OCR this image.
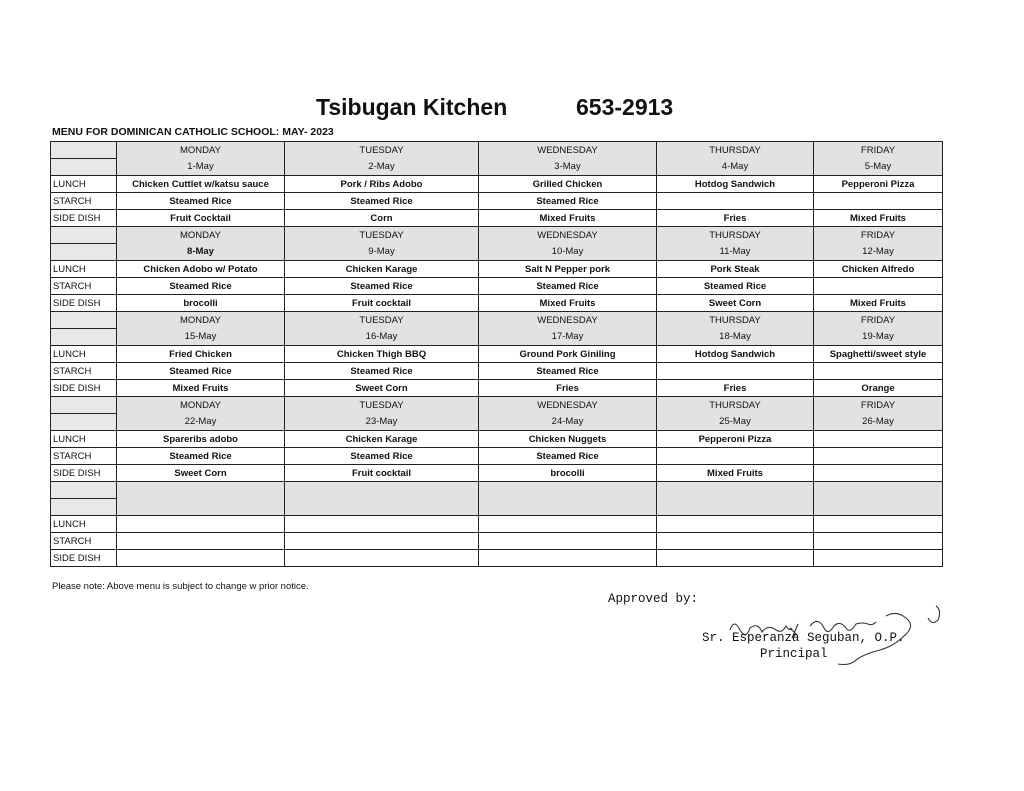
Tsibugan Kitchen	653-2913
MENU FOR DOMINICAN CATHOLIC SCHOOL: MAY- 2023
	MONDAY	TUESDAY	WEDNESDAY	THURSDAY	FRIDAY
	1-May	2-May	3-May	4-May	5-May
LUNCH	Chicken Cuttlet w/katsu sauce	Pork / Ribs Adobo	Grilled Chicken	Hotdog Sandwich	Pepperoni Pizza
STARCH	Steamed Rice	Steamed Rice	Steamed Rice		
SIDE DISH	Fruit Cocktail	Corn	Mixed Fruits	Fries	Mixed Fruits
	MONDAY	TUESDAY	WEDNESDAY	THURSDAY	FRIDAY
	8-May	9-May	10-May	11-May	12-May
LUNCH	Chicken Adobo w/ Potato	Chicken Karage	Salt N Pepper pork	Pork Steak	Chicken Alfredo
STARCH	Steamed Rice	Steamed Rice	Steamed Rice	Steamed Rice	
SIDE DISH	brocolli	Fruit cocktail	Mixed Fruits	Sweet Corn	Mixed Fruits
	MONDAY	TUESDAY	WEDNESDAY	THURSDAY	FRIDAY
	15-May	16-May	17-May	18-May	19-May
LUNCH	Fried Chicken	Chicken Thigh BBQ	Ground Pork Giniling	Hotdog Sandwich	Spaghetti/sweet style
STARCH	Steamed Rice	Steamed Rice	Steamed Rice		
SIDE DISH	Mixed Fruits	Sweet Corn	Fries	Fries	Orange
	MONDAY	TUESDAY	WEDNESDAY	THURSDAY	FRIDAY
	22-May	23-May	24-May	25-May	26-May
LUNCH	Spareribs adobo	Chicken Karage	Chicken Nuggets	Pepperoni Pizza	
STARCH	Steamed Rice	Steamed Rice	Steamed Rice		
SIDE DISH	Sweet Corn	Fruit cocktail	brocolli	Mixed Fruits	

LUNCH					
STARCH					
SIDE DISH					
Please note: Above menu is subject to change w prior notice.
Approved by:
Sr. Esperanza Seguban, O.P.
Principal
